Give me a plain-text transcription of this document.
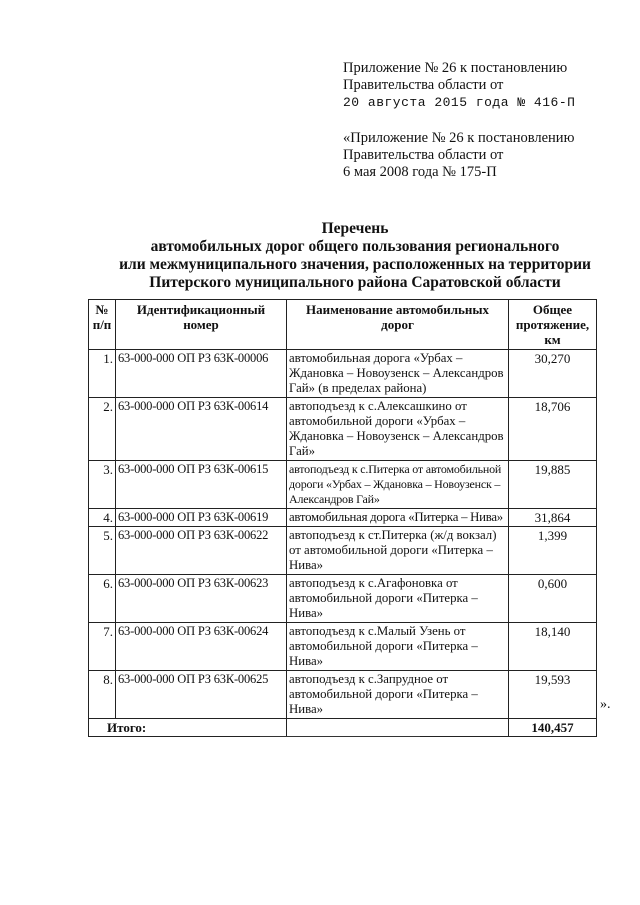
Приложение № 26 к постановлению
Правительства области от
20 августа 2015 года № 416-П
«Приложение № 26 к постановлению
Правительства области от
6 мая 2008 года № 175-П
Перечень
автомобильных дорог общего пользования регионального
или межмуниципального значения, расположенных на территории
Питерского муниципального района Саратовской области
№ п/п	Идентификационный номер	Наименование автомобильных дорог	Общее протяжение, км
1.	63-000-000 ОП РЗ 63К-00006	автомобильная дорога «Урбах – Ждановка – Новоузенск – Александров Гай» (в пределах района)	30,270
2.	63-000-000 ОП РЗ 63К-00614	автоподъезд к с.Алексашкино от автомобильной дороги «Урбах – Ждановка – Новоузенск – Александров Гай»	18,706
3.	63-000-000 ОП РЗ 63К-00615	автоподъезд к с.Питерка от автомобильной дороги «Урбах – Ждановка – Новоузенск – Александров Гай»	19,885
4.	63-000-000 ОП РЗ 63К-00619	автомобильная дорога «Питерка – Нива»	31,864
5.	63-000-000 ОП РЗ 63К-00622	автоподъезд к ст.Питерка (ж/д вокзал) от автомобильной дороги «Питерка – Нива»	1,399
6.	63-000-000 ОП РЗ 63К-00623	автоподъезд к с.Агафоновка от автомобильной дороги «Питерка – Нива»	0,600
7.	63-000-000 ОП РЗ 63К-00624	автоподъезд к с.Малый Узень от автомобильной дороги «Питерка – Нива»	18,140
8.	63-000-000 ОП РЗ 63К-00625	автоподъезд к с.Запрудное от автомобильной дороги «Питерка – Нива»	19,593
Итого:			140,457
».
